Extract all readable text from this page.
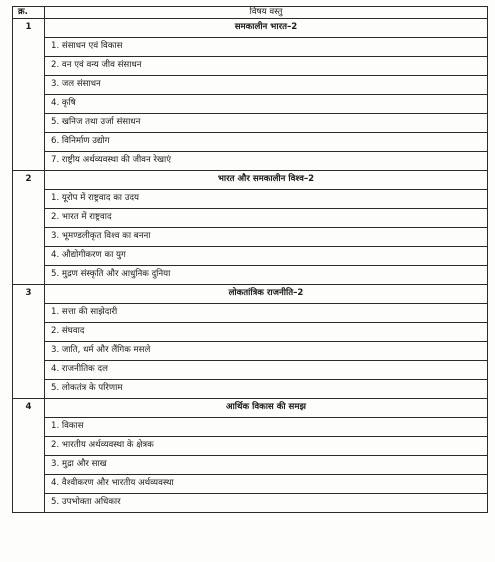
क्र.	विषय वस्तु
1	समकालीन भारत–2
	1. संसाधन एवं विकास
	2. वन एवं वन्य जीव संसाधन
	3. जल संसाधन
	4. कृषि
	5. खनिज तथा उर्जा संसाधन
	6. विनिर्माण उद्योग
	7. राष्ट्रीय अर्थव्यवस्था की जीवन रेखाएं
2	भारत और समकालीन विश्व–2
	1. यूरोप में राष्ट्रवाद का उदय
	2. भारत में राष्ट्रवाद
	3. भूमण्डलीकृत विश्व का बनना
	4. औद्योगीकरण का युग
	5. मुद्रण संस्कृति और आधुनिक दुनिया
3	लोकतांत्रिक राजनीति–2
	1. सत्ता की साझेदारी
	2. संघवाद
	3. जाति, धर्म और लैंगिक मसले
	4. राजनीतिक दल
	5. लोकतंत्र के परिणाम
4	आर्थिक विकास की समझ
	1. विकास
	2. भारतीय अर्थव्यवस्था के क्षेत्रक
	3. मुद्रा और साख
	4. वैश्वीकरण और भारतीय अर्थव्यवस्था
	5. उपभोक्ता अधिकार
